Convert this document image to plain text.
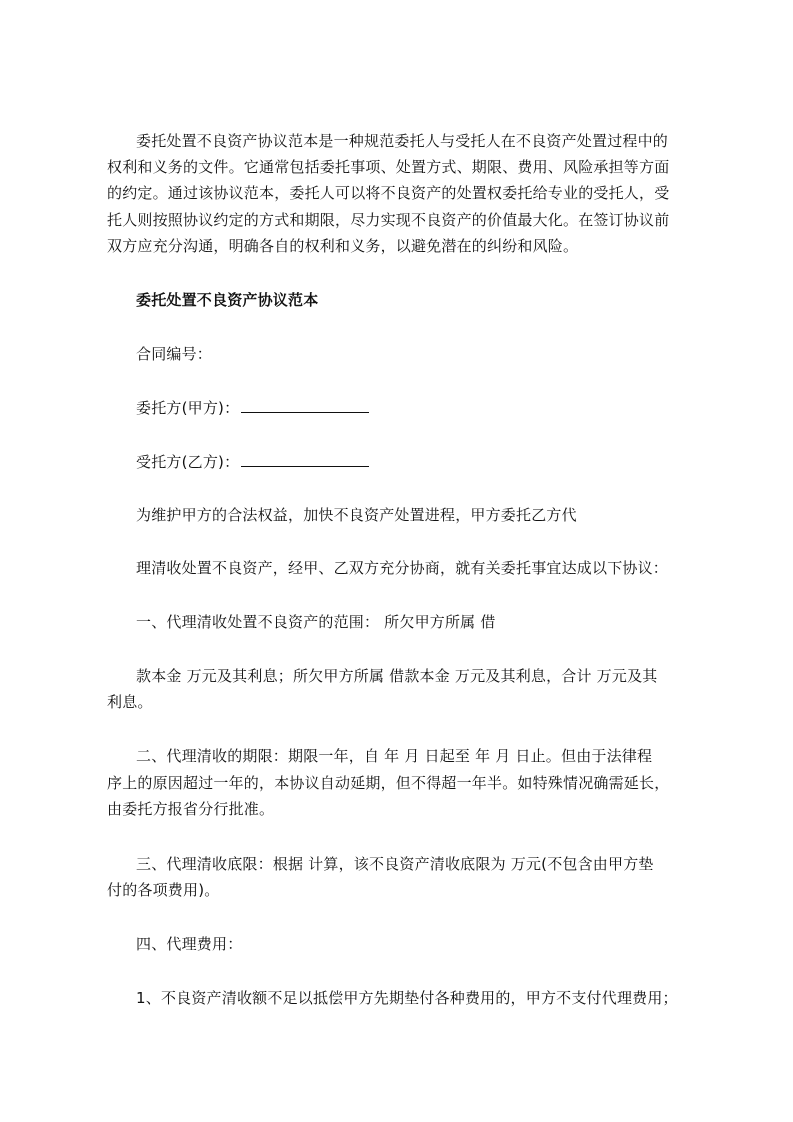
委托处置不良资产协议范本是一种规范委托人与受托人在不良资产处置过程中的
权利和义务的文件。它通常包括委托事项、处置方式、期限、费用、风险承担等方面
的约定。通过该协议范本，委托人可以将不良资产的处置权委托给专业的受托人，受
托人则按照协议约定的方式和期限，尽力实现不良资产的价值最大化。在签订协议前
双方应充分沟通，明确各自的权利和义务，以避免潜在的纠纷和风险。
委托处置不良资产协议范本
合同编号：
委托方(甲方)：
受托方(乙方)：
为维护甲方的合法权益，加快不良资产处置进程，甲方委托乙方代
理清收处置不良资产，经甲、乙双方充分协商，就有关委托事宜达成以下协议：
一、代理清收处置不良资产的范围： 所欠甲方所属 借
款本金 万元及其利息；所欠甲方所属 借款本金 万元及其利息，合计 万元及其
利息。
二、代理清收的期限：期限一年，自 年 月 日起至 年 月 日止。但由于法律程
序上的原因超过一年的，本协议自动延期，但不得超一年半。如特殊情况确需延长，
由委托方报省分行批准。
三、代理清收底限：根据 计算，该不良资产清收底限为 万元(不包含由甲方垫
付的各项费用)。
四、代理费用：
1、不良资产清收额不足以抵偿甲方先期垫付各种费用的，甲方不支付代理费用；
